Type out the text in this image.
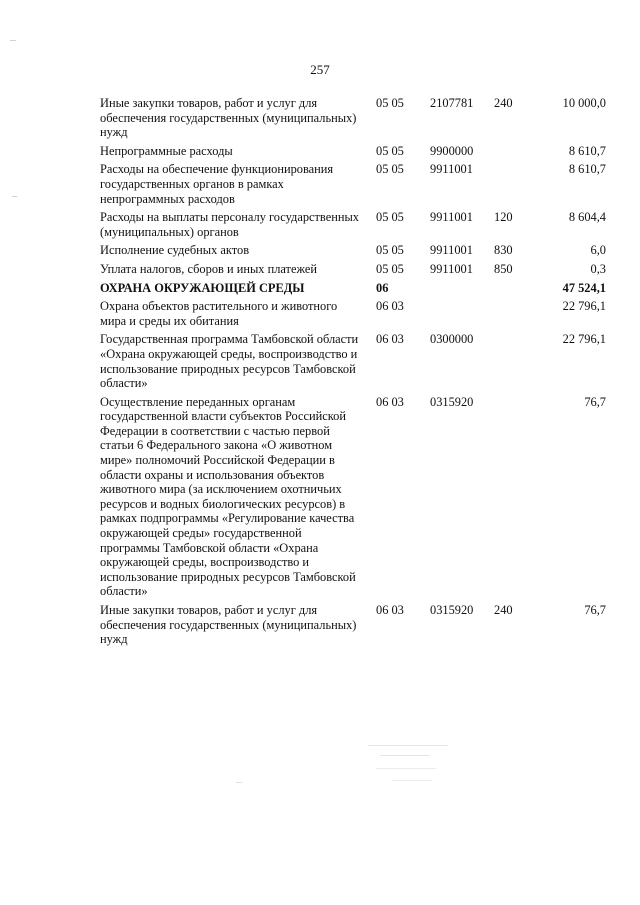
257
Иные закупки товаров, работ и услуг для обеспечения государственных (муниципальных) нужд	05 05	2107781	240	10 000,0
Непрограммные расходы	05 05	9900000		8 610,7
Расходы на обеспечение функционирования государственных органов в рамках непрограммных расходов	05 05	9911001		8 610,7
Расходы на выплаты персоналу государственных (муниципальных) органов	05 05	9911001	120	8 604,4
Исполнение судебных актов	05 05	9911001	830	6,0
Уплата налогов, сборов и иных платежей	05 05	9911001	850	0,3
ОХРАНА ОКРУЖАЮЩЕЙ СРЕДЫ	06			47 524,1
Охрана объектов растительного и животного мира и среды их обитания	06 03			22 796,1
Государственная программа Тамбовской области «Охрана окружающей среды, воспроизводство и использование природных ресурсов Тамбовской области»	06 03	0300000		22 796,1
Осуществление переданных органам государственной власти субъектов Российской Федерации в соответствии с частью первой статьи 6 Федерального закона «О животном мире» полномочий Российской Федерации в области охраны и использования объектов животного мира (за исключением охотничьих ресурсов и водных биологических ресурсов) в рамках подпрограммы «Регулирование качества окружающей среды» государственной программы Тамбовской области «Охрана окружающей среды, воспроизводство и использование природных ресурсов Тамбовской области»	06 03	0315920		76,7
Иные закупки товаров, работ и услуг для обеспечения государственных (муниципальных) нужд	06 03	0315920	240	76,7
